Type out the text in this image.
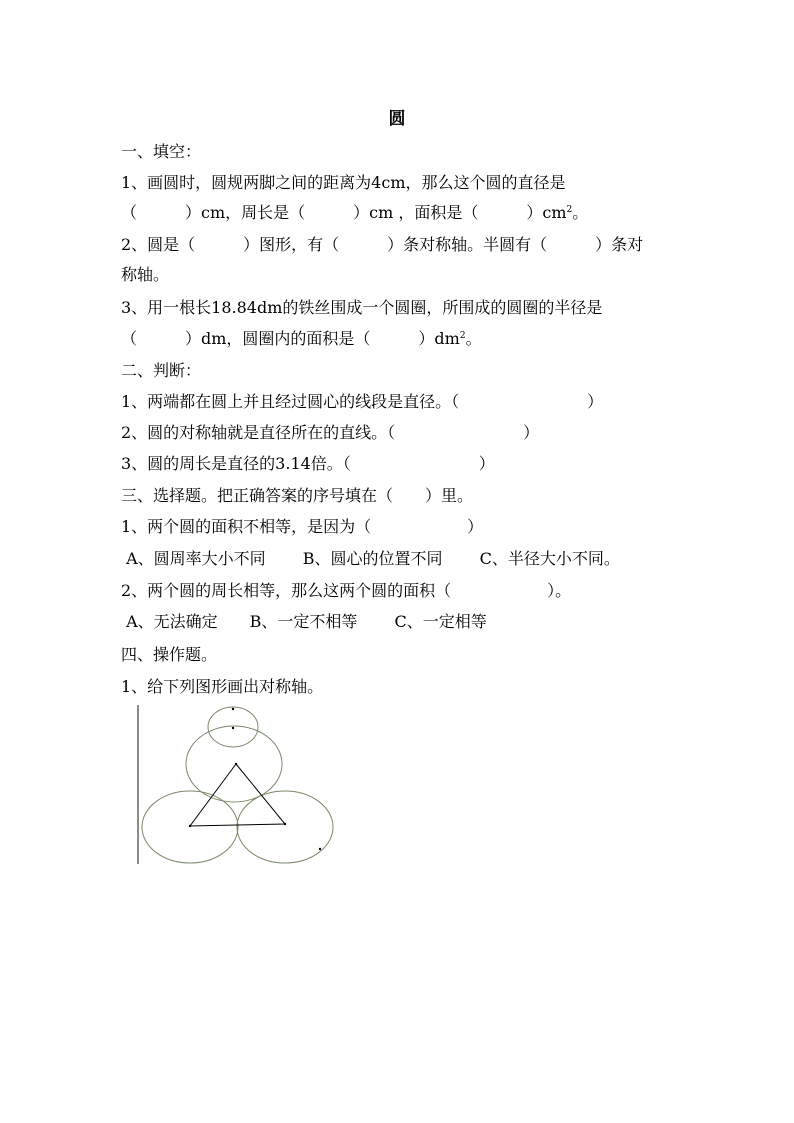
圆
一、填空：
1、画圆时，圆规两脚之间的距离为4cm，那么这个圆的直径是
（　　　）cm，周长是（　　　）cm ，面积是（　　　）$cm^2$。
2、圆是（　　　）图形，有（　　　）条对称轴。半圆有（　　　）条对
称轴。
3、用一根长18.84dm的铁丝围成一个圆圈，所围成的圆圈的半径是
（　　　）dm，圆圈内的面积是（　　　）$dm^2$。
二、判断：
1、两端都在圆上并且经过圆心的线段是直径。（　　　　　　　　）
2、圆的对称轴就是直径所在的直线。（　　　　　　　　）
3、圆的周长是直径的3.14倍。（　　　　　　　　）
三、选择题。把正确答案的序号填在（　　）里。
1、两个圆的面积不相等，是因为（　　　　　　）
A、圆周率大小不同　　 B、圆心的位置不同　　 C、半径大小不同。
2、两个圆的周长相等，那么这两个圆的面积（　　　　　　）。
A、无法确定　　B、一定不相等　　 C、一定相等
四、操作题。
1、给下列图形画出对称轴。
